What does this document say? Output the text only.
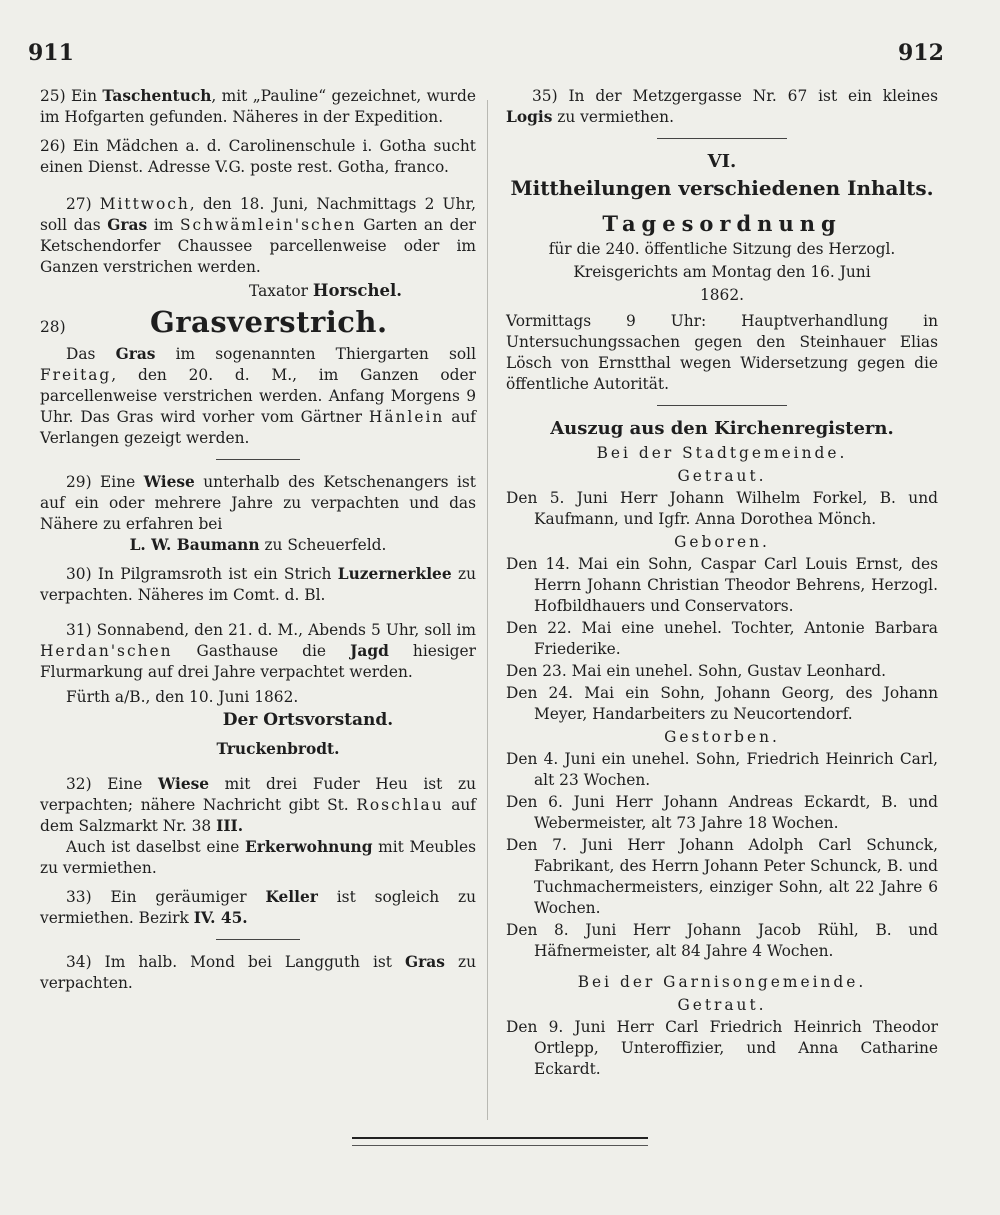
911	912

25) Ein Taschentuch, mit „Pauline“ gezeichnet, wurde im Hofgarten gefunden. Näheres in der Expedition.

26) Ein Mädchen a. d. Carolinenschule i. Gotha sucht einen Dienst. Adresse V.G. poste rest. Gotha, franco.

27) Mittwoch, den 18. Juni, Nachmittags 2 Uhr, soll das Gras im Schwämlein'schen Garten an der Ketschendorfer Chaussee parcellenweise oder im Ganzen verstrichen werden.

Taxator Horschel.

28)	Grasverstrich.

Das Gras im sogenannten Thiergarten soll Freitag, den 20. d. M., im Ganzen oder parcellenweise verstrichen werden. Anfang Morgens 9 Uhr. Das Gras wird vorher vom Gärtner Hänlein auf Verlangen gezeigt werden.

29) Eine Wiese unterhalb des Ketschenangers ist auf ein oder mehrere Jahre zu verpachten und das Nähere zu erfahren bei

L. W. Baumann zu Scheuerfeld.

30) In Pilgramsroth ist ein Strich Luzernerklee zu verpachten. Näheres im Comt. d. Bl.

31) Sonnabend, den 21. d. M., Abends 5 Uhr, soll im Herdan'schen Gasthause die Jagd hiesiger Flurmarkung auf drei Jahre verpachtet werden.

Fürth a/B., den 10. Juni 1862.

Der Ortsvorstand.

Truckenbrodt.

32) Eine Wiese mit drei Fuder Heu ist zu verpachten; nähere Nachricht gibt St. Roschlau auf dem Salzmarkt Nr. 38 III.

Auch ist daselbst eine Erkerwohnung mit Meubles zu vermiethen.

33) Ein geräumiger Keller ist sogleich zu vermiethen. Bezirk IV. 45.

34) Im halb. Mond bei Langguth ist Gras zu verpachten.

35) In der Metzgergasse Nr. 67 ist ein kleines Logis zu vermiethen.

VI.
Mittheilungen verschiedenen Inhalts.
Tagesordnung

für die 240. öffentliche Sitzung des Herzogl.

Kreisgerichts am Montag den 16. Juni

1862.

Vormittags 9 Uhr: Hauptverhandlung in Untersuchungssachen gegen den Steinhauer Elias Lösch von Ernstthal wegen Widersetzung gegen die öffentliche Autorität.

Auszug aus den Kirchenregistern.
Bei der Stadtgemeinde.
Getraut.

Den 5. Juni Herr Johann Wilhelm Forkel, B. und Kaufmann, und Igfr. Anna Dorothea Mönch.

Geboren.

Den 14. Mai ein Sohn, Caspar Carl Louis Ernst, des Herrn Johann Christian Theodor Behrens, Herzogl. Hofbildhauers und Conservators.

Den 22. Mai eine unehel. Tochter, Antonie Barbara Friederike.

Den 23. Mai ein unehel. Sohn, Gustav Leonhard.

Den 24. Mai ein Sohn, Johann Georg, des Johann Meyer, Handarbeiters zu Neucortendorf.

Gestorben.

Den 4. Juni ein unehel. Sohn, Friedrich Heinrich Carl, alt 23 Wochen.

Den 6. Juni Herr Johann Andreas Eckardt, B. und Webermeister, alt 73 Jahre 18 Wochen.

Den 7. Juni Herr Johann Adolph Carl Schunck, Fabrikant, des Herrn Johann Peter Schunck, B. und Tuchmachermeisters, einziger Sohn, alt 22 Jahre 6 Wochen.

Den 8. Juni Herr Johann Jacob Rühl, B. und Häfnermeister, alt 84 Jahre 4 Wochen.

Bei der Garnisongemeinde.
Getraut.

Den 9. Juni Herr Carl Friedrich Heinrich Theodor Ortlepp, Unteroffizier, und Anna Catharine Eckardt.
